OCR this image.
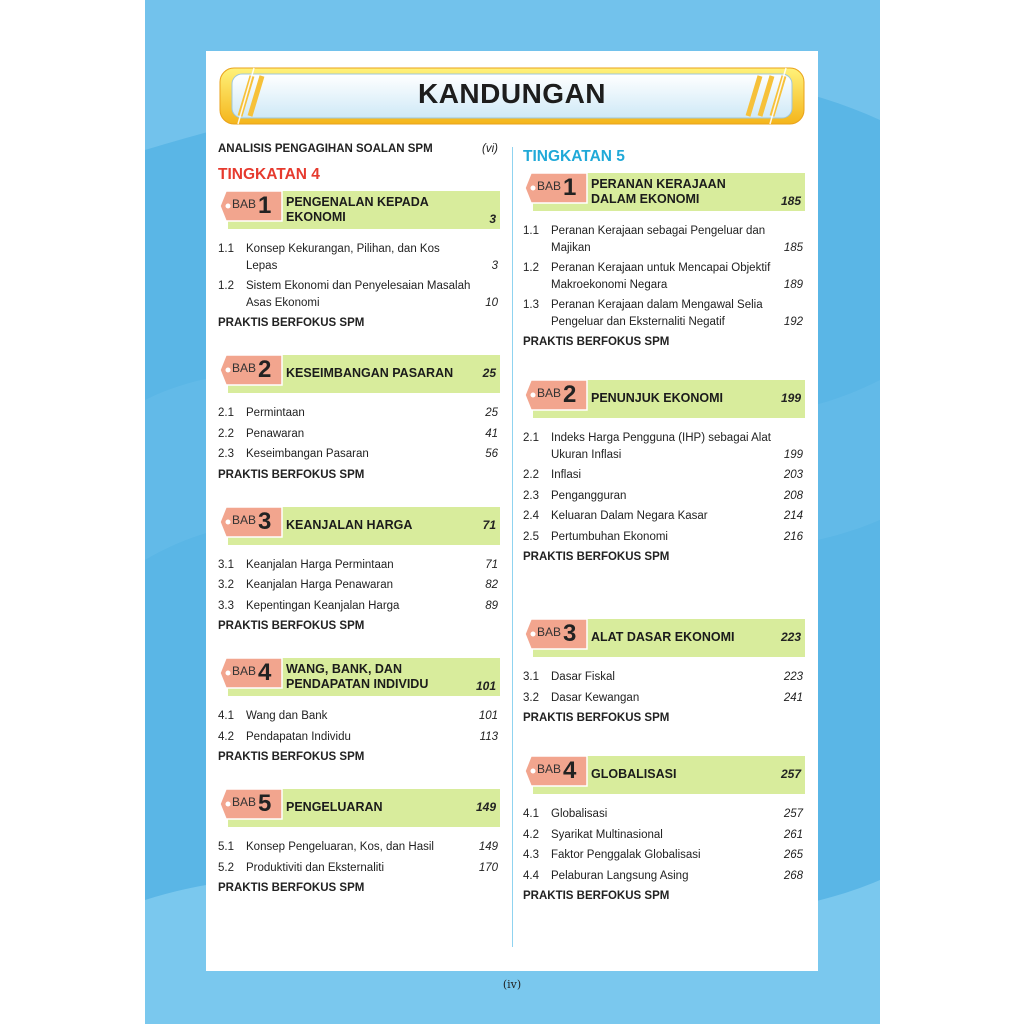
KANDUNGAN
ANALISIS PENGAGIHAN SOALAN SPM	(vi)
TINGKATAN 4
BAB 1 PENGENALAN KEPADA EKONOMI	3
1.1 Konsep Kekurangan, Pilihan, dan Kos Lepas	3
1.2 Sistem Ekonomi dan Penyelesaian Masalah Asas Ekonomi	10
PRAKTIS BERFOKUS SPM
BAB 2 KESEIMBANGAN PASARAN	25
2.1 Permintaan	25
2.2 Penawaran	41
2.3 Keseimbangan Pasaran	56
PRAKTIS BERFOKUS SPM
BAB 3 KEANJALAN HARGA	71
3.1 Keanjalan Harga Permintaan	71
3.2 Keanjalan Harga Penawaran	82
3.3 Kepentingan Keanjalan Harga	89
PRAKTIS BERFOKUS SPM
BAB 4 WANG, BANK, DAN PENDAPATAN INDIVIDU	101
4.1 Wang dan Bank	101
4.2 Pendapatan Individu	113
PRAKTIS BERFOKUS SPM
BAB 5 PENGELUARAN	149
5.1 Konsep Pengeluaran, Kos, dan Hasil	149
5.2 Produktiviti dan Eksternaliti	170
PRAKTIS BERFOKUS SPM
TINGKATAN 5
BAB 1 PERANAN KERAJAAN DALAM EKONOMI	185
1.1 Peranan Kerajaan sebagai Pengeluar dan Majikan	185
1.2 Peranan Kerajaan untuk Mencapai Objektif Makroekonomi Negara	189
1.3 Peranan Kerajaan dalam Mengawal Selia Pengeluar dan Eksternaliti Negatif	192
PRAKTIS BERFOKUS SPM
BAB 2 PENUNJUK EKONOMI	199
2.1 Indeks Harga Pengguna (IHP) sebagai Alat Ukuran Inflasi	199
2.2 Inflasi	203
2.3 Pengangguran	208
2.4 Keluaran Dalam Negara Kasar	214
2.5 Pertumbuhan Ekonomi	216
PRAKTIS BERFOKUS SPM
BAB 3 ALAT DASAR EKONOMI	223
3.1 Dasar Fiskal	223
3.2 Dasar Kewangan	241
PRAKTIS BERFOKUS SPM
BAB 4 GLOBALISASI	257
4.1 Globalisasi	257
4.2 Syarikat Multinasional	261
4.3 Faktor Penggalak Globalisasi	265
4.4 Pelaburan Langsung Asing	268
PRAKTIS BERFOKUS SPM
(iv)
